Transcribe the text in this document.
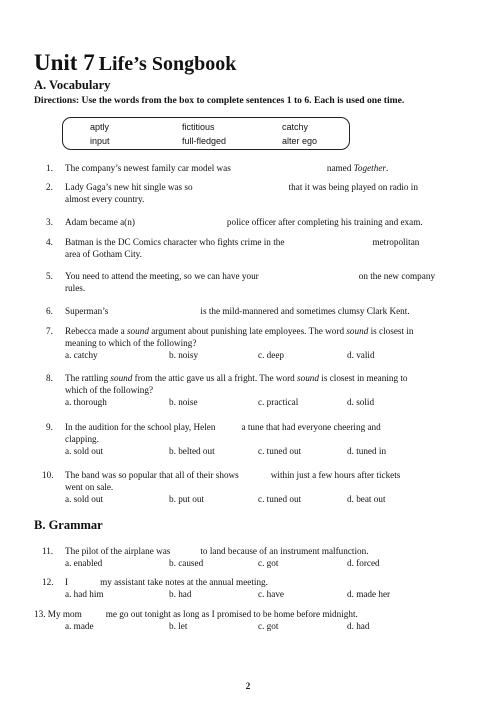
Unit 7 Life’s Songbook
A. Vocabulary
Directions: Use the words from the box to complete sentences 1 to 6. Each is used one time.
aptly	fictitious	catchy
input	full-fledged	alter ego
1. The company’s newest family car model was	named Together.
2. Lady Gaga’s new hit single was so	that it was being played on radio in
almost every country.
3. Adam became a(n)	police officer after completing his training and exam.
4. Batman is the DC Comics character who fights crime in the	metropolitan
area of Gotham City.
5. You need to attend the meeting, so we can have your	on the new company
rules.
6. Superman’s	is the mild-mannered and sometimes clumsy Clark Kent.
7. Rebecca made a sound argument about punishing late employees. The word sound is closest in
meaning to which of the following?
a. catchy	b. noisy	c. deep	d. valid
8. The rattling sound from the attic gave us all a fright. The word sound is closest in meaning to
which of the following?
a. thorough	b. noise	c. practical	d. solid
9. In the audition for the school play, Helen	a tune that had everyone cheering and
clapping.
a. sold out	b. belted out	c. tuned out	d. tuned in
10. The band was so popular that all of their shows	within just a few hours after tickets
went on sale.
a. sold out	b. put out	c. tuned out	d. beat out
B. Grammar
11. The pilot of the airplane was	to land because of an instrument malfunction.
a. enabled	b. caused	c. got	d. forced
12. I	my assistant take notes at the annual meeting.
a. had him	b. had	c. have	d. made her
13. My mom	me go out tonight as long as I promised to be home before midnight.
a. made	b. let	c. got	d. had
2
